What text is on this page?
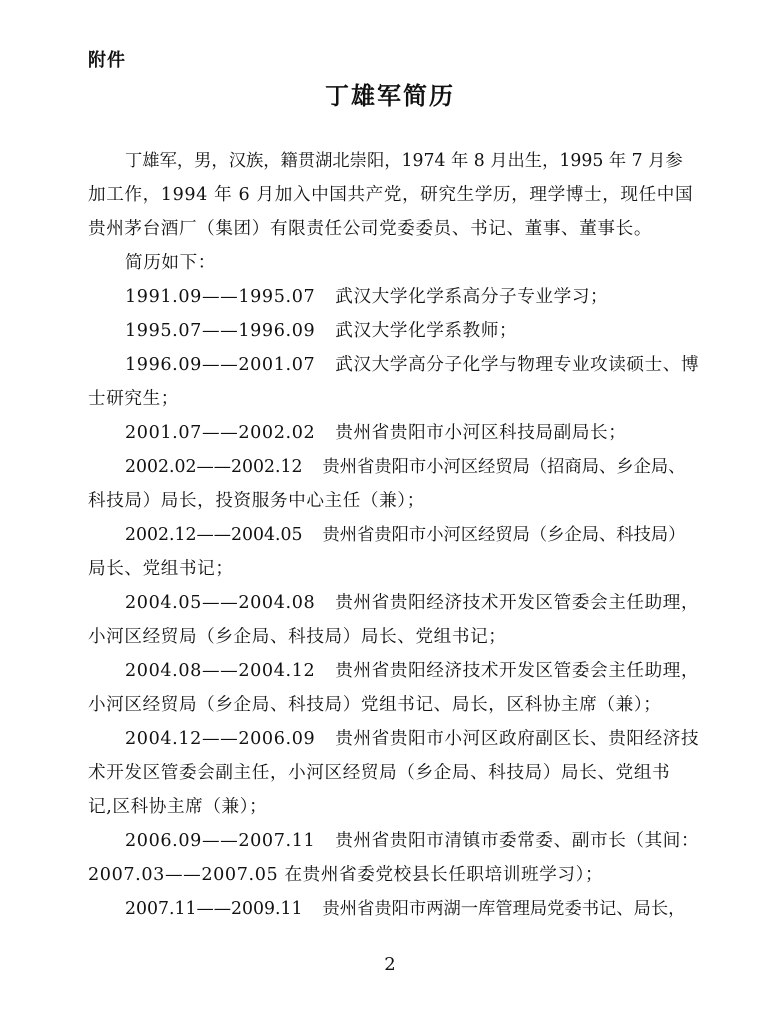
附件
丁雄军简历
丁雄军，男，汉族，籍贯湖北崇阳，1974 年 8 月出生，1995 年 7 月参
加工作，1994 年 6 月加入中国共产党，研究生学历，理学博士，现任中国
贵州茅台酒厂（集团）有限责任公司党委委员、书记、董事、董事长。
简历如下：
1991.09——1995.07 武汉大学化学系高分子专业学习；
1995.07——1996.09 武汉大学化学系教师；
1996.09——2001.07 武汉大学高分子化学与物理专业攻读硕士、博
士研究生；
2001.07——2002.02 贵州省贵阳市小河区科技局副局长；
2002.02——2002.12 贵州省贵阳市小河区经贸局（招商局、乡企局、
科技局）局长，投资服务中心主任（兼）；
2002.12——2004.05 贵州省贵阳市小河区经贸局（乡企局、科技局）
局长、党组书记；
2004.05——2004.08 贵州省贵阳经济技术开发区管委会主任助理，
小河区经贸局（乡企局、科技局）局长、党组书记；
2004.08——2004.12 贵州省贵阳经济技术开发区管委会主任助理，
小河区经贸局（乡企局、科技局）党组书记、局长，区科协主席（兼）；
2004.12——2006.09 贵州省贵阳市小河区政府副区长、贵阳经济技
术开发区管委会副主任，小河区经贸局（乡企局、科技局）局长、党组书
记,区科协主席（兼）；
2006.09——2007.11 贵州省贵阳市清镇市委常委、副市长（其间：
2007.03——2007.05 在贵州省委党校县长任职培训班学习）；
2007.11——2009.11 贵州省贵阳市两湖一库管理局党委书记、局长，
2
